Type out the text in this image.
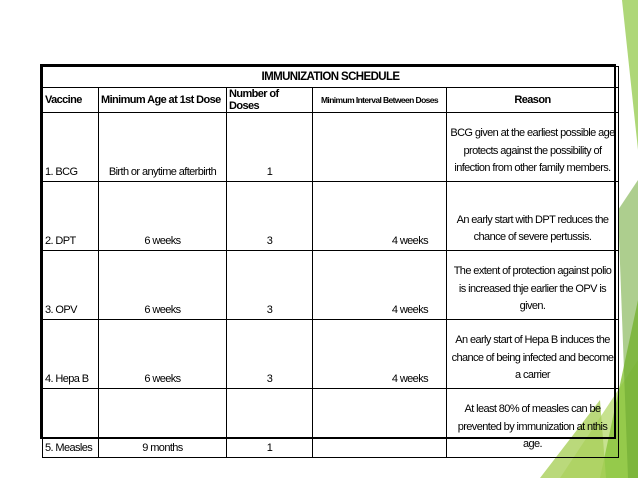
IMMUNIZATION SCHEDULE				
Vaccine	Minimum Age at 1st Dose	Number of Doses	Minimum Interval Between Doses	Reason
1. BCG	Birth or anytime afterbirth	1		BCG given at the earliest possible age protects against the possibility of infection from other family members.
2. DPT	6 weeks	3	4 weeks	An early start with DPT reduces the chance of severe pertussis.
3. OPV	6 weeks	3	4 weeks	The extent of protection against polio is increased thje earlier the OPV is given.
4. Hepa B	6 weeks	3	4 weeks	An early start of Hepa B induces the chance of being infected and become a carrier
5. Measles	9 months	1		At least 80% of measles can be prevented by immunization at nthis age.
